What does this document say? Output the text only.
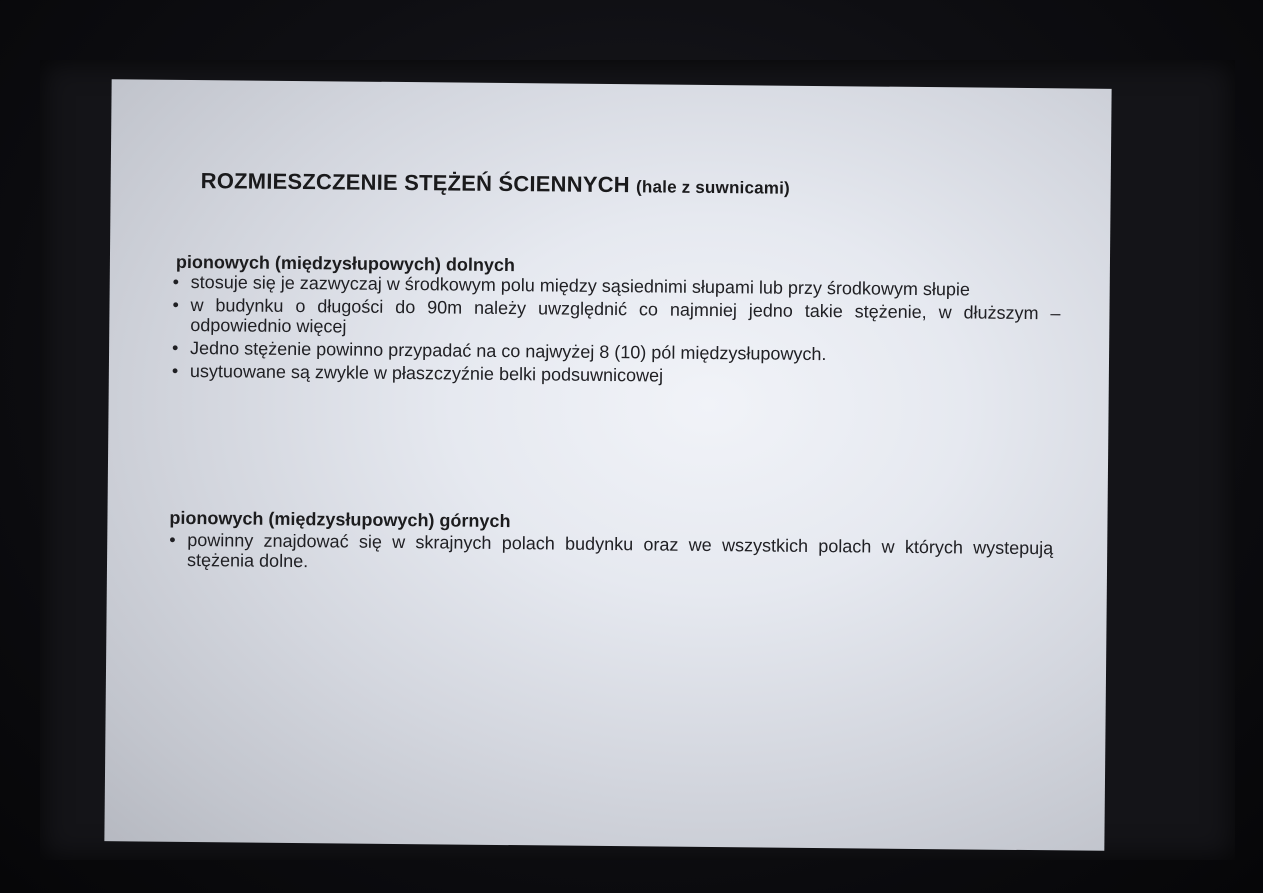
ROZMIESZCZENIE STĘŻEŃ ŚCIENNYCH (hale z suwnicami)
pionowych (międzysłupowych) dolnych
• stosuje się je zazwyczaj w środkowym polu między sąsiednimi słupami lub przy środkowym słupie
• w budynku o długości do 90m należy uwzględnić co najmniej jedno takie stężenie, w dłuższym – odpowiednio więcej
• Jedno stężenie powinno przypadać na co najwyżej 8 (10) pól międzysłupowych.
• usytuowane są zwykle w płaszczyźnie belki podsuwnicowej
pionowych (międzysłupowych) górnych
• powinny znajdować się w skrajnych polach budynku oraz we wszystkich polach w których wystepują stężenia dolne.
